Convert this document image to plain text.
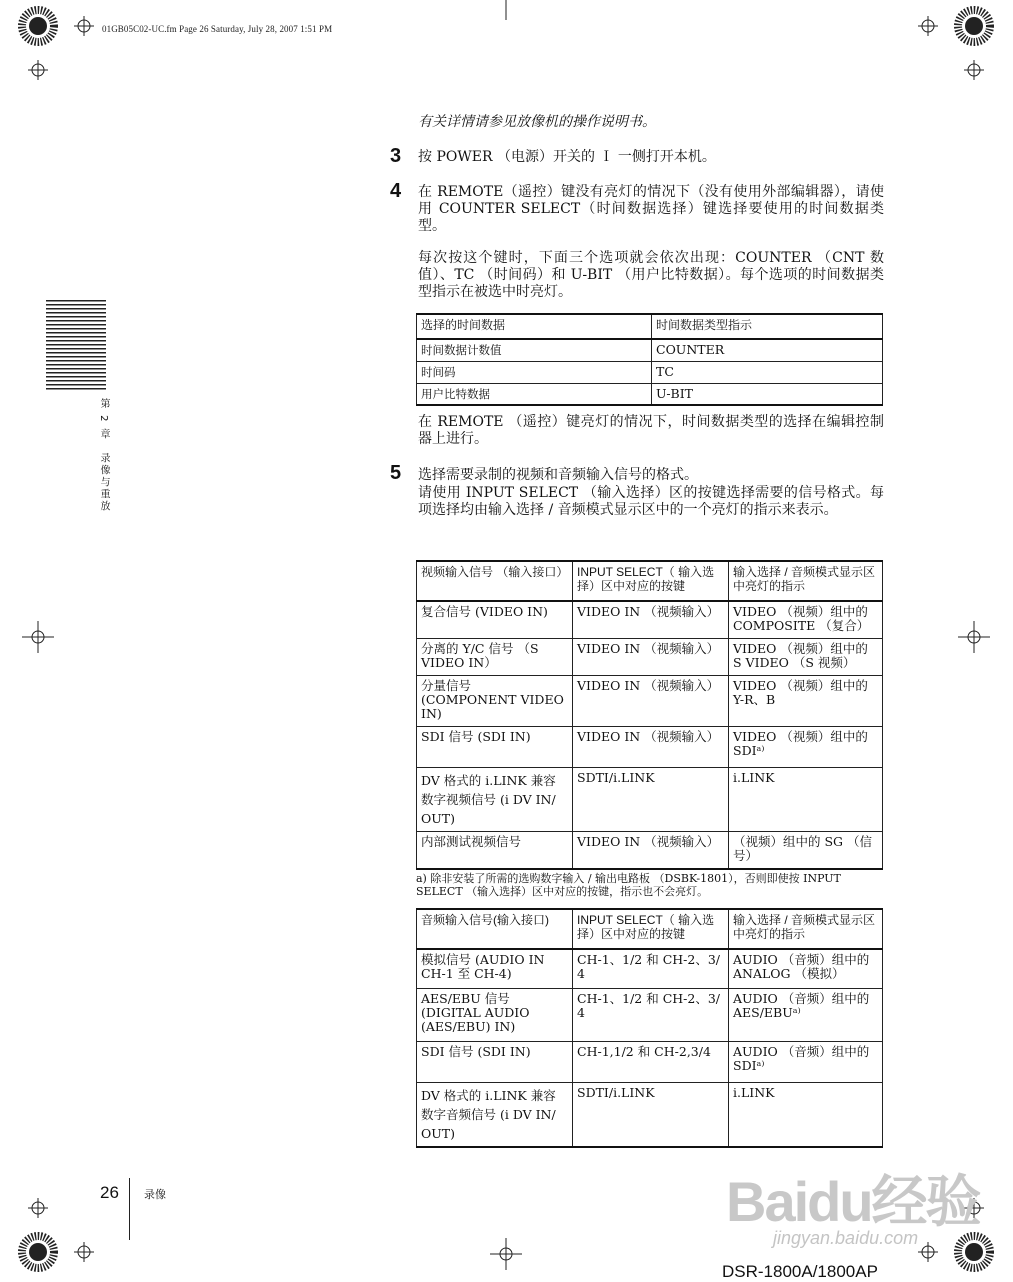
01GB05C02-UC.fm Page 26 Saturday, July 28, 2007 1:51 PM
有关详情请参见放像机的操作说明书。
3 按 POWER （电源）开关的 Ｉ 一侧打开本机。
4 在 REMOTE（遥控）键没有亮灯的情况下（没有使用外部编辑器），请使用 COUNTER SELECT（时间数据选择）键选择要使用的时间数据类型。
每次按这个键时，下面三个选项就会依次出现：COUNTER （CNT 数值）、TC （时间码）和 U-BIT （用户比特数据）。每个选项的时间数据类型指示在被选中时亮灯。
选择的时间数据	时间数据类型指示
时间数据计数值	COUNTER
时间码	TC
用户比特数据	U-BIT
在 REMOTE （遥控）键亮灯的情况下，时间数据类型的选择在编辑控制器上进行。
5 选择需要录制的视频和音频输入信号的格式。
请使用 INPUT SELECT （输入选择）区的按键选择需要的信号格式。每项选择均由输入选择 / 音频模式显示区中的一个亮灯的指示来表示。
视频输入信号 （输入接口）	INPUT SELECT（ 输入选择）区中对应的按键	输入选择 / 音频模式显示区中亮灯的指示
复合信号 (VIDEO IN)	VIDEO IN （视频输入）	VIDEO （视频）组中的 COMPOSITE （复合）
分离的 Y/C 信号 （S VIDEO IN）	VIDEO IN （视频输入）	VIDEO （视频）组中的 S VIDEO （S 视频）
分量信号 (COMPONENT VIDEO IN)	VIDEO IN （视频输入）	VIDEO （视频）组中的 Y-R、B
SDI 信号 (SDI IN)	VIDEO IN （视频输入）	VIDEO （视频）组中的 SDIᵃ⁾
DV 格式的 i.LINK 兼容数字视频信号 (i DV IN/ OUT)	SDTI/i.LINK	i.LINK
内部测试视频信号	VIDEO IN （视频输入）	（视频）组中的 SG （信号）
a) 除非安装了所需的选购数字输入 / 输出电路板 （DSBK-1801），否则即使按 INPUT SELECT （输入选择）区中对应的按键，指示也不会亮灯。
音频输入信号(输入接口)	INPUT SELECT（ 输入选择）区中对应的按键	输入选择 / 音频模式显示区中亮灯的指示
模拟信号 (AUDIO IN CH-1 至 CH-4)	CH-1、1/2 和 CH-2、3/ 4	AUDIO （音频）组中的 ANALOG （模拟）
AES/EBU 信号 (DIGITAL AUDIO (AES/EBU) IN)	CH-1、1/2 和 CH-2、3/ 4	AUDIO （音频）组中的 AES/EBUᵃ⁾
SDI 信号 (SDI IN)	CH-1,1/2 和 CH-2,3/4	AUDIO （音频）组中的 SDIᵃ⁾
DV 格式的 i.LINK 兼容数字音频信号 (i DV IN/ OUT)	SDTI/i.LINK	i.LINK
第 2 章　录像与重放
26 录像
DSR-1800A/1800AP
Baidu经验
jingyan.baidu.com
